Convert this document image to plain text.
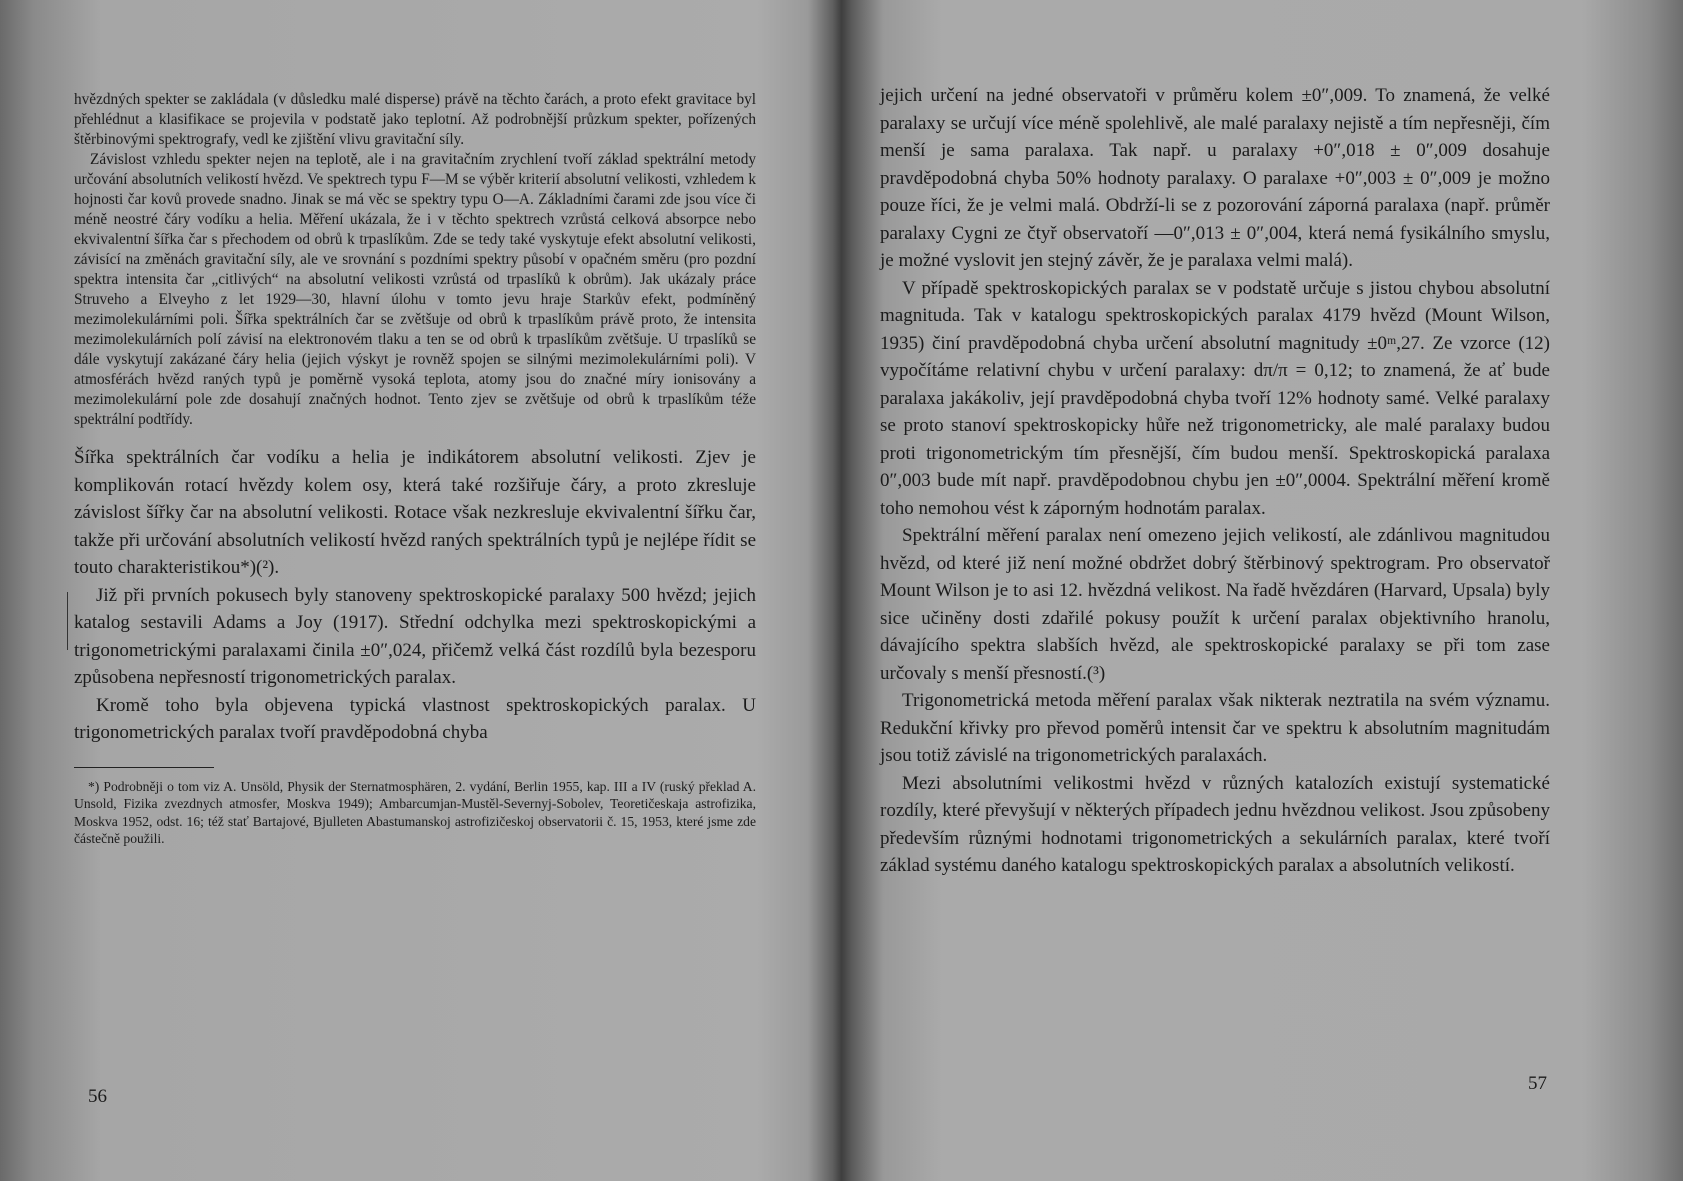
hvězdných spekter se zakládala (v důsledku malé disperse) právě na těchto čarách, a proto efekt gravitace byl přehlédnut a klasifikace se projevila v podstatě jako teplotní. Až podrobnější průzkum spekter, pořízených štěrbinovými spektrografy, vedl ke zjištění vlivu gravitační síly.

Závislost vzhledu spekter nejen na teplotě, ale i na gravitačním zrychlení tvoří základ spektrální metody určování absolutních velikostí hvězd. Ve spektrech typu F—M se výběr kriterií absolutní velikosti, vzhledem k hojnosti čar kovů provede snadno. Jinak se má věc se spektry typu O—A. Základními čarami zde jsou více či méně neostré čáry vodíku a helia. Měření ukázala, že i v těchto spektrech vzrůstá celková absorpce nebo ekvivalentní šířka čar s přechodem od obrů k trpaslíkům. Zde se tedy také vyskytuje efekt absolutní velikosti, závisící na změnách gravitační síly, ale ve srovnání s pozdními spektry působí v opačném směru (pro pozdní spektra intensita čar „citlivých“ na absolutní velikosti vzrůstá od trpaslíků k obrům). Jak ukázaly práce Struveho a Elveyho z let 1929—30, hlavní úlohu v tomto jevu hraje Starkův efekt, podmíněný mezimolekulárními poli. Šířka spektrálních čar se zvětšuje od obrů k trpaslíkům právě proto, že intensita mezimolekulárních polí závisí na elektronovém tlaku a ten se od obrů k trpaslíkům zvětšuje. U trpaslíků se dále vyskytují zakázané čáry helia (jejich výskyt je rovněž spojen se silnými mezimolekulárními poli). V atmosférách hvězd raných typů je poměrně vysoká teplota, atomy jsou do značné míry ionisovány a mezimolekulární pole zde dosahují značných hodnot. Tento zjev se zvětšuje od obrů k trpaslíkům téže spektrální podtřídy.

Šířka spektrálních čar vodíku a helia je indikátorem absolutní velikosti. Zjev je komplikován rotací hvězdy kolem osy, která také rozšiřuje čáry, a proto zkresluje závislost šířky čar na absolutní velikosti. Rotace však nezkresluje ekvivalentní šířku čar, takže při určování absolutních velikostí hvězd raných spektrálních typů je nejlépe řídit se touto charakteristikou*)(²).

Již při prvních pokusech byly stanoveny spektroskopické paralaxy 500 hvězd; jejich katalog sestavili Adams a Joy (1917). Střední odchylka mezi spektroskopickými a trigonometrickými paralaxami činila ±0″,024, přičemž velká část rozdílů byla bezesporu způsobena nepřesností trigonometrických paralax.

Kromě toho byla objevena typická vlastnost spektroskopických paralax. U trigonometrických paralax tvoří pravděpodobná chyba

*) Podrobněji o tom viz A. Unsöld, Physik der Sternatmosphären, 2. vydání, Berlin 1955, kap. III a IV (ruský překlad A. Unsold, Fizika zvezdnych atmosfer, Moskva 1949); Ambarcumjan-Mustěl-Severnyj-Sobolev, Teoretičeskaja astrofizika, Moskva 1952, odst. 16; též stať Bartajové, Bjulleten Abastumanskoj astrofizičeskoj observatorii č. 15, 1953, které jsme zde částečně použili.

56

jejich určení na jedné observatoři v průměru kolem ±0″,009. To znamená, že velké paralaxy se určují více méně spolehlivě, ale malé paralaxy nejistě a tím nepřesněji, čím menší je sama paralaxa. Tak např. u paralaxy +0″,018 ± 0″,009 dosahuje pravděpodobná chyba 50% hodnoty paralaxy. O paralaxe +0″,003 ± 0″,009 je možno pouze říci, že je velmi malá. Obdrží-li se z pozorování záporná paralaxa (např. průměr paralaxy Cygni ze čtyř observatoří —0″,013 ± 0″,004, která nemá fysikálního smyslu, je možné vyslovit jen stejný závěr, že je paralaxa velmi malá).

V případě spektroskopických paralax se v podstatě určuje s jistou chybou absolutní magnituda. Tak v katalogu spektroskopických paralax 4179 hvězd (Mount Wilson, 1935) činí pravděpodobná chyba určení absolutní magnitudy ±0ᵐ,27. Ze vzorce (12) vypočítáme relativní chybu v určení paralaxy: dπ/π = 0,12; to znamená, že ať bude paralaxa jakákoliv, její pravděpodobná chyba tvoří 12% hodnoty samé. Velké paralaxy se proto stanoví spektroskopicky hůře než trigonometricky, ale malé paralaxy budou proti trigonometrickým tím přesnější, čím budou menší. Spektroskopická paralaxa 0″,003 bude mít např. pravděpodobnou chybu jen ±0″,0004. Spektrální měření kromě toho nemohou vést k záporným hodnotám paralax.

Spektrální měření paralax není omezeno jejich velikostí, ale zdánlivou magnitudou hvězd, od které již není možné obdržet dobrý štěrbinový spektrogram. Pro observatoř Mount Wilson je to asi 12. hvězdná velikost. Na řadě hvězdáren (Harvard, Upsala) byly sice učiněny dosti zdařilé pokusy použít k určení paralax objektivního hranolu, dávajícího spektra slabších hvězd, ale spektroskopické paralaxy se při tom zase určovaly s menší přesností.(³)

Trigonometrická metoda měření paralax však nikterak neztratila na svém významu. Redukční křivky pro převod poměrů intensit čar ve spektru k absolutním magnitudám jsou totiž závislé na trigonometrických paralaxách.

Mezi absolutními velikostmi hvězd v různých katalozích existují systematické rozdíly, které převyšují v některých případech jednu hvězdnou velikost. Jsou způsobeny především různými hodnotami trigonometrických a sekulárních paralax, které tvoří základ systému daného katalogu spektroskopických paralax a absolutních velikostí.

57
